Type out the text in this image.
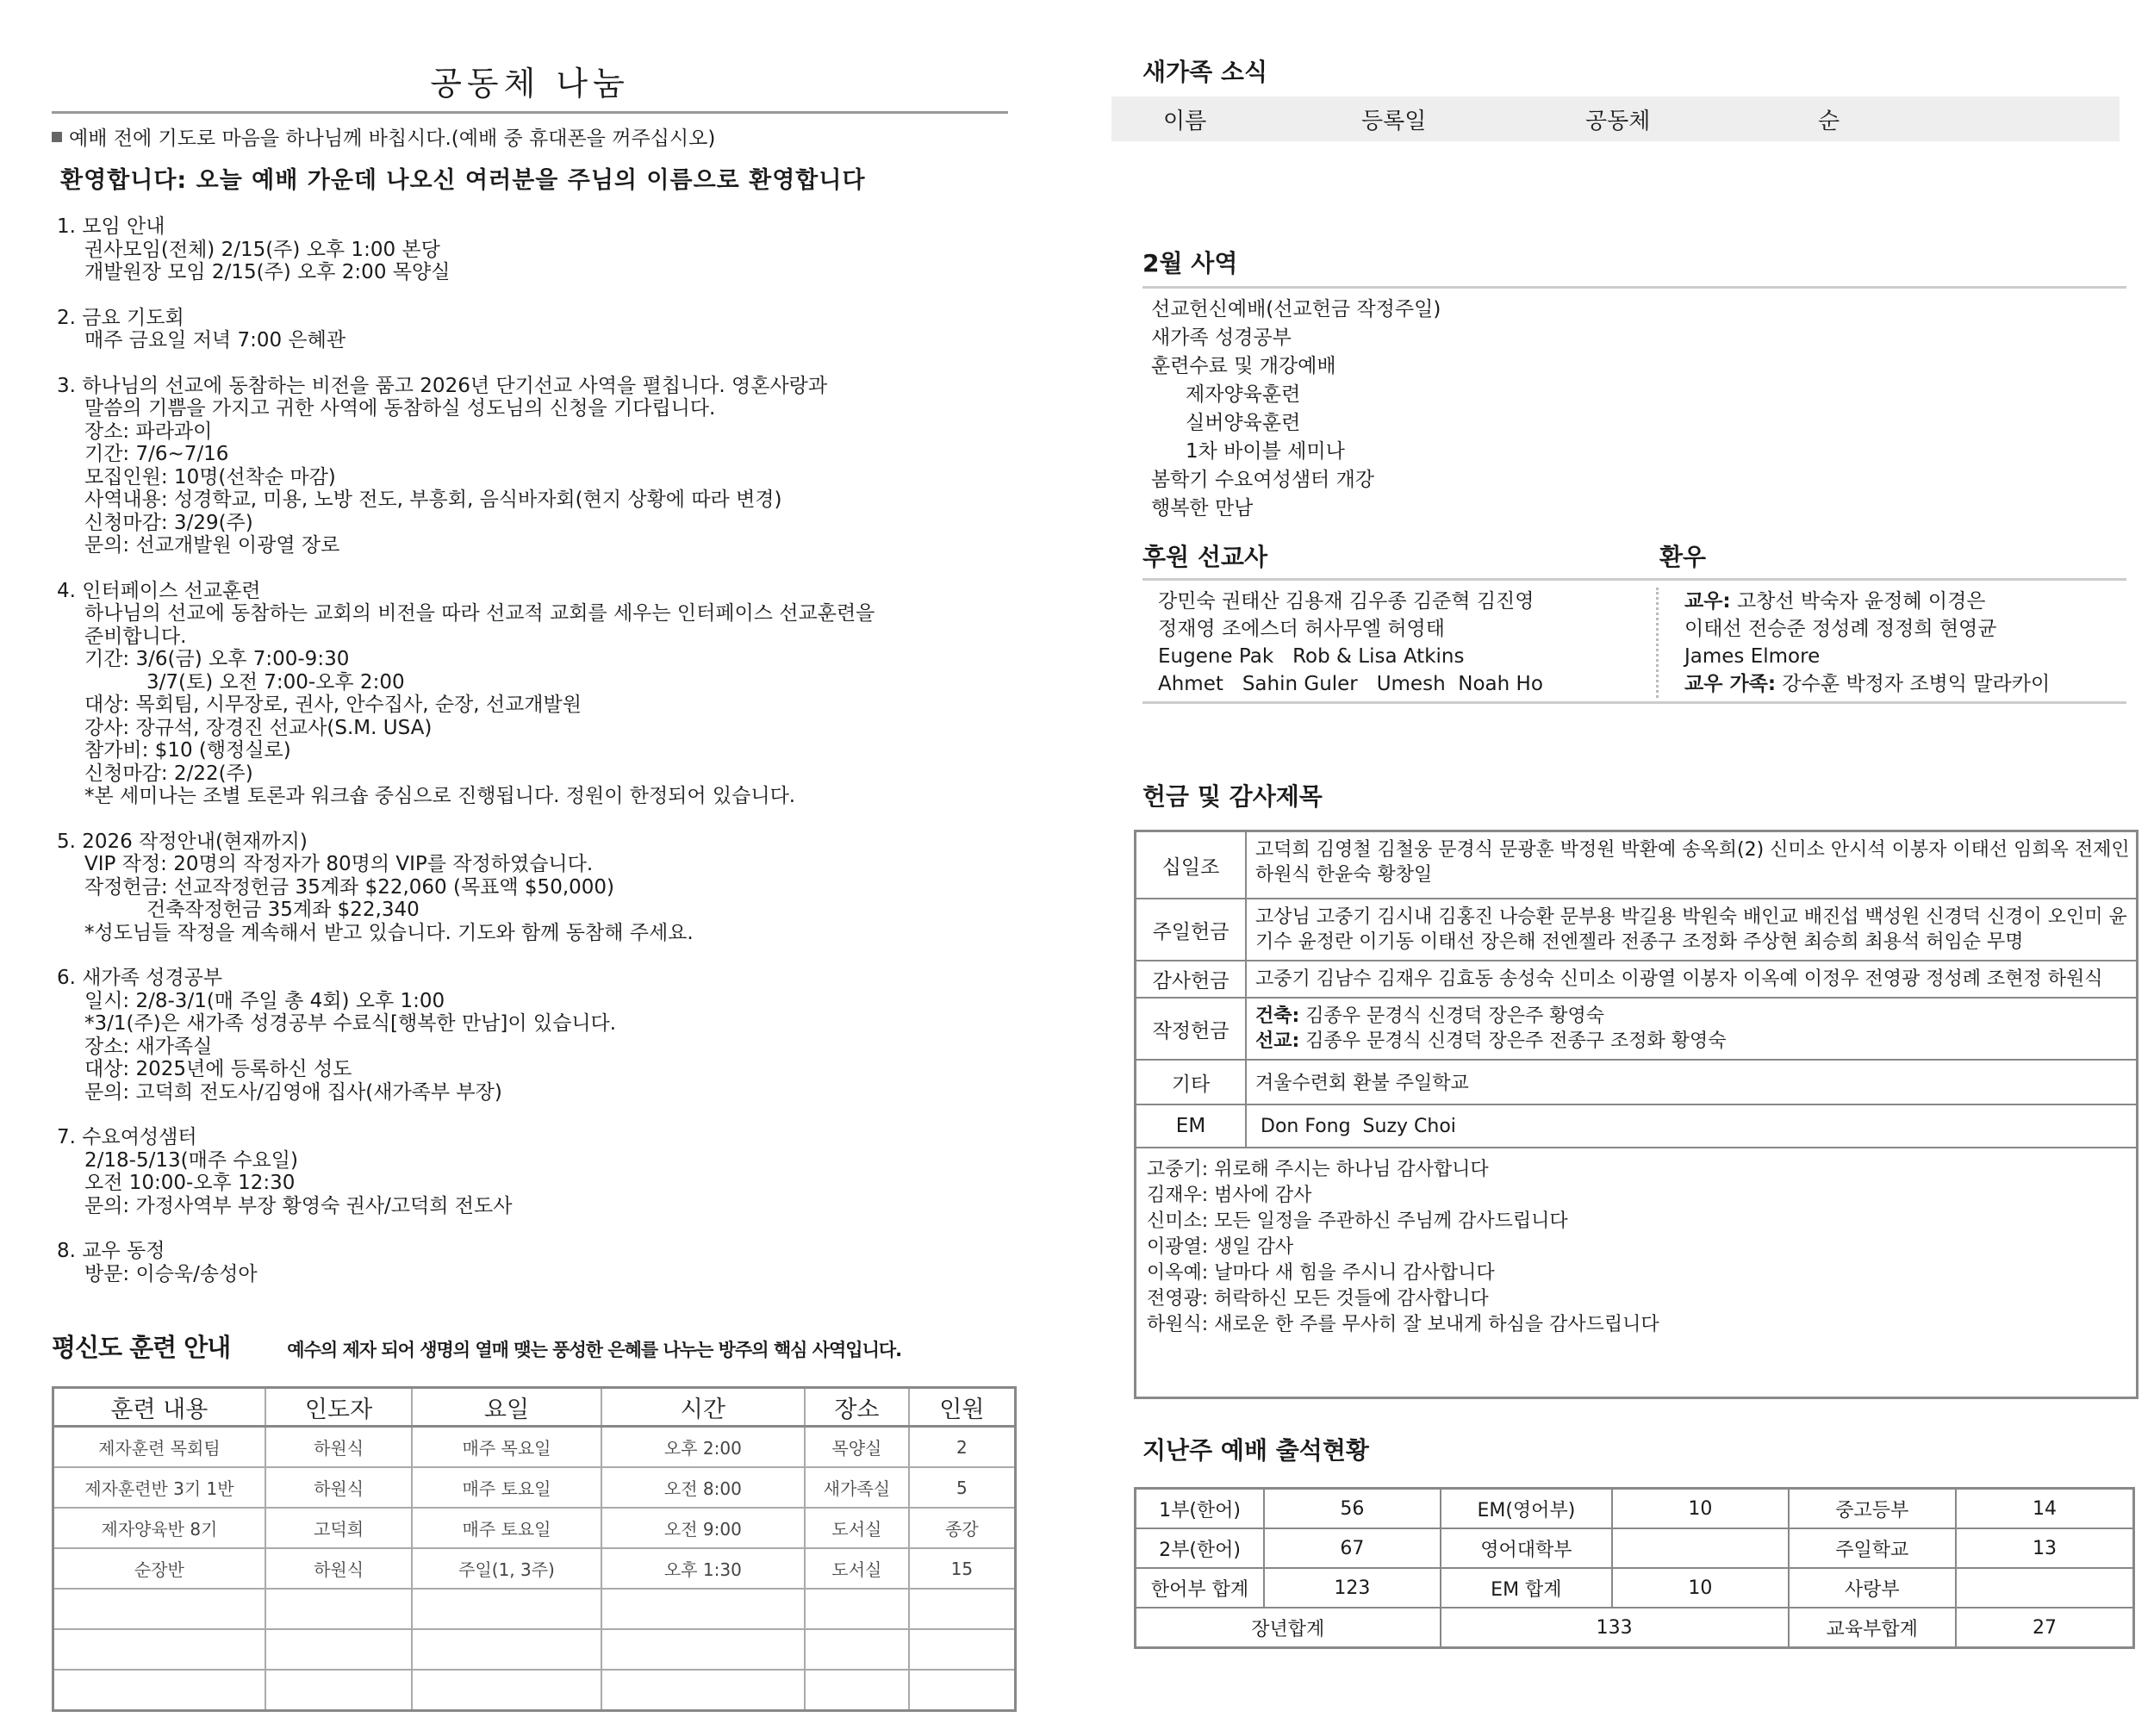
공동체 나눔
예배 전에 기도로 마음을 하나님께 바칩시다.(예배 중 휴대폰을 꺼주십시오)
환영합니다: 오늘 예배 가운데 나오신 여러분을 주님의 이름으로 환영합니다
1. 모임 안내
권사모임(전체) 2/15(주) 오후 1:00 본당
개발원장 모임 2/15(주) 오후 2:00 목양실
2. 금요 기도회
매주 금요일 저녁 7:00 은혜관
3. 하나님의 선교에 동참하는 비전을 품고 2026년 단기선교 사역을 펼칩니다. 영혼사랑과
말씀의 기쁨을 가지고 귀한 사역에 동참하실 성도님의 신청을 기다립니다.
장소: 파라과이
기간: 7/6~7/16
모집인원: 10명(선착순 마감)
사역내용: 성경학교, 미용, 노방 전도, 부흥회, 음식바자회(현지 상황에 따라 변경)
신청마감: 3/29(주)
문의: 선교개발원 이광열 장로
4. 인터페이스 선교훈련
하나님의 선교에 동참하는 교회의 비전을 따라 선교적 교회를 세우는 인터페이스 선교훈련을
준비합니다.
기간: 3/6(금) 오후 7:00-9:30
3/7(토) 오전 7:00-오후 2:00
대상: 목회팀, 시무장로, 권사, 안수집사, 순장, 선교개발원
강사: 장규석, 장경진 선교사(S.M. USA)
참가비: $10 (행정실로)
신청마감: 2/22(주)
*본 세미나는 조별 토론과 워크숍 중심으로 진행됩니다. 정원이 한정되어 있습니다.
5. 2026 작정안내(현재까지)
VIP 작정: 20명의 작정자가 80명의 VIP를 작정하였습니다.
작정헌금: 선교작정헌금 35계좌 $22,060 (목표액 $50,000)
건축작정헌금 35계좌 $22,340
*성도님들 작정을 계속해서 받고 있습니다. 기도와 함께 동참해 주세요.
6. 새가족 성경공부
일시: 2/8-3/1(매 주일 총 4회) 오후 1:00
*3/1(주)은 새가족 성경공부 수료식[행복한 만남]이 있습니다.
장소: 새가족실
대상: 2025년에 등록하신 성도
문의: 고덕희 전도사/김영애 집사(새가족부 부장)
7. 수요여성샘터
2/18-5/13(매주 수요일)
오전 10:00-오후 12:30
문의: 가정사역부 부장 황영숙 권사/고덕희 전도사
8. 교우 동정
방문: 이승욱/송성아
평신도 훈련 안내	예수의 제자 되어 생명의 열매 맺는 풍성한 은혜를 나누는 방주의 핵심 사역입니다.
훈련 내용	인도자	요일	시간	장소	인원
제자훈련 목회팀	하원식	매주 목요일	오후 2:00	목양실	2
제자훈련반 3기 1반	하원식	매주 토요일	오전 8:00	새가족실	5
제자양육반 8기	고덕희	매주 토요일	오전 9:00	도서실	종강
순장반	하원식	주일(1, 3주)	오후 1:30	도서실	15

새가족 소식
이름	등록일	공동체	순
2월 사역
선교헌신예배(선교헌금 작정주일)
새가족 성경공부
훈련수료 및 개강예배
제자양육훈련
실버양육훈련
1차 바이블 세미나
봄학기 수요여성샘터 개강
행복한 만남
후원 선교사	환우
강민숙 권태산 김용재 김우종 김준혁 김진영
정재영 조에스더 허사무엘 허영태
Eugene Pak   Rob & Lisa Atkins
Ahmet   Sahin Guler   Umesh  Noah Ho
교우: 고창선 박숙자 윤정혜 이경은
이태선 전승준 정성례 정정희 현영균
James Elmore
교우 가족: 강수훈 박정자 조병익 말라카이
헌금 및 감사제목
십일조
고덕희 김영철 김철웅 문경식 문광훈 박정원 박환예 송옥희(2) 신미소 안시석 이봉자 이태선 임희옥 전제인 하원식 한윤숙 황창일
주일헌금
고상님 고중기 김시내 김홍진 나승환 문부용 박길용 박원숙 배인교 배진섭 백성원 신경덕 신경이 오인미 윤기수 윤정란 이기동 이태선 장은해 전엔젤라 전종구 조정화 주상현 최승희 최용석 허임순 무명
감사헌금	고중기 김남수 김재우 김효동 송성숙 신미소 이광열 이봉자 이옥예 이정우 전영광 정성례 조현정 하원식
작정헌금
건축: 김종우 문경식 신경덕 장은주 황영숙
선교: 김종우 문경식 신경덕 장은주 전종구 조정화 황영숙
기타	겨울수련회 환불 주일학교
EM	Don Fong  Suzy Choi
고중기: 위로해 주시는 하나님 감사합니다
김재우: 범사에 감사
신미소: 모든 일정을 주관하신 주님께 감사드립니다
이광열: 생일 감사
이옥예: 날마다 새 힘을 주시니 감사합니다
전영광: 허락하신 모든 것들에 감사합니다
하원식: 새로운 한 주를 무사히 잘 보내게 하심을 감사드립니다
지난주 예배 출석현황
1부(한어)	56	EM(영어부)	10	중고등부	14
2부(한어)	67	영어대학부		주일학교	13
한어부 합계	123	EM 합계	10	사랑부	
장년합계		133		교육부합계	27
